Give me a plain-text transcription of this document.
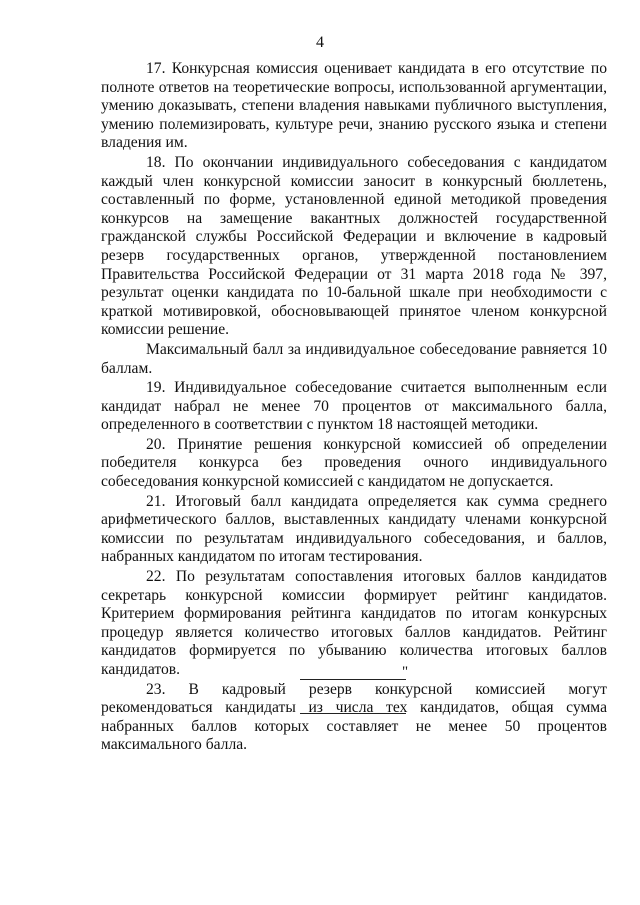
4

17. Конкурсная комиссия оценивает кандидата в его отсутствие по полноте ответов на теоретические вопросы, использованной аргументации, умению доказывать, степени владения навыками публичного выступления, умению полемизировать, культуре речи, знанию русского языка и степени владения им.

18. По окончании индивидуального собеседования с кандидатом каждый член конкурсной комиссии заносит в конкурсный бюллетень, составленный по форме, установленной единой методикой проведения конкурсов на замещение вакантных должностей государственной гражданской службы Российской Федерации и включение в кадровый резерв государственных органов, утвержденной постановлением Правительства Российской Федерации от 31 марта 2018 года № 397, результат оценки кандидата по 10-бальной шкале при необходимости с краткой мотивировкой, обосновывающей принятое членом конкурсной комиссии решение.

Максимальный балл за индивидуальное собеседование равняется 10 баллам.

19. Индивидуальное собеседование считается выполненным если кандидат набрал не менее 70 процентов от максимального балла, определенного в соответствии с пунктом 18 настоящей методики.

20. Принятие решения конкурсной комиссией об определении победителя конкурса без проведения очного индивидуального собеседования конкурсной комиссией с кандидатом не допускается.

21. Итоговый балл кандидата определяется как сумма среднего арифметического баллов, выставленных кандидату членами конкурсной комиссии по результатам индивидуального собеседования, и баллов, набранных кандидатом по итогам тестирования.

22. По результатам сопоставления итоговых баллов кандидатов секретарь конкурсной комиссии формирует рейтинг кандидатов. Критерием формирования рейтинга кандидатов по итогам конкурсных процедур является количество итоговых баллов кандидатов. Рейтинг кандидатов формируется по убыванию количества итоговых баллов кандидатов.

23. В кадровый резерв конкурсной комиссией могут рекомендоваться кандидаты из числа тех кандидатов, общая сумма набранных баллов которых составляет не менее 50 процентов максимального балла.

"
